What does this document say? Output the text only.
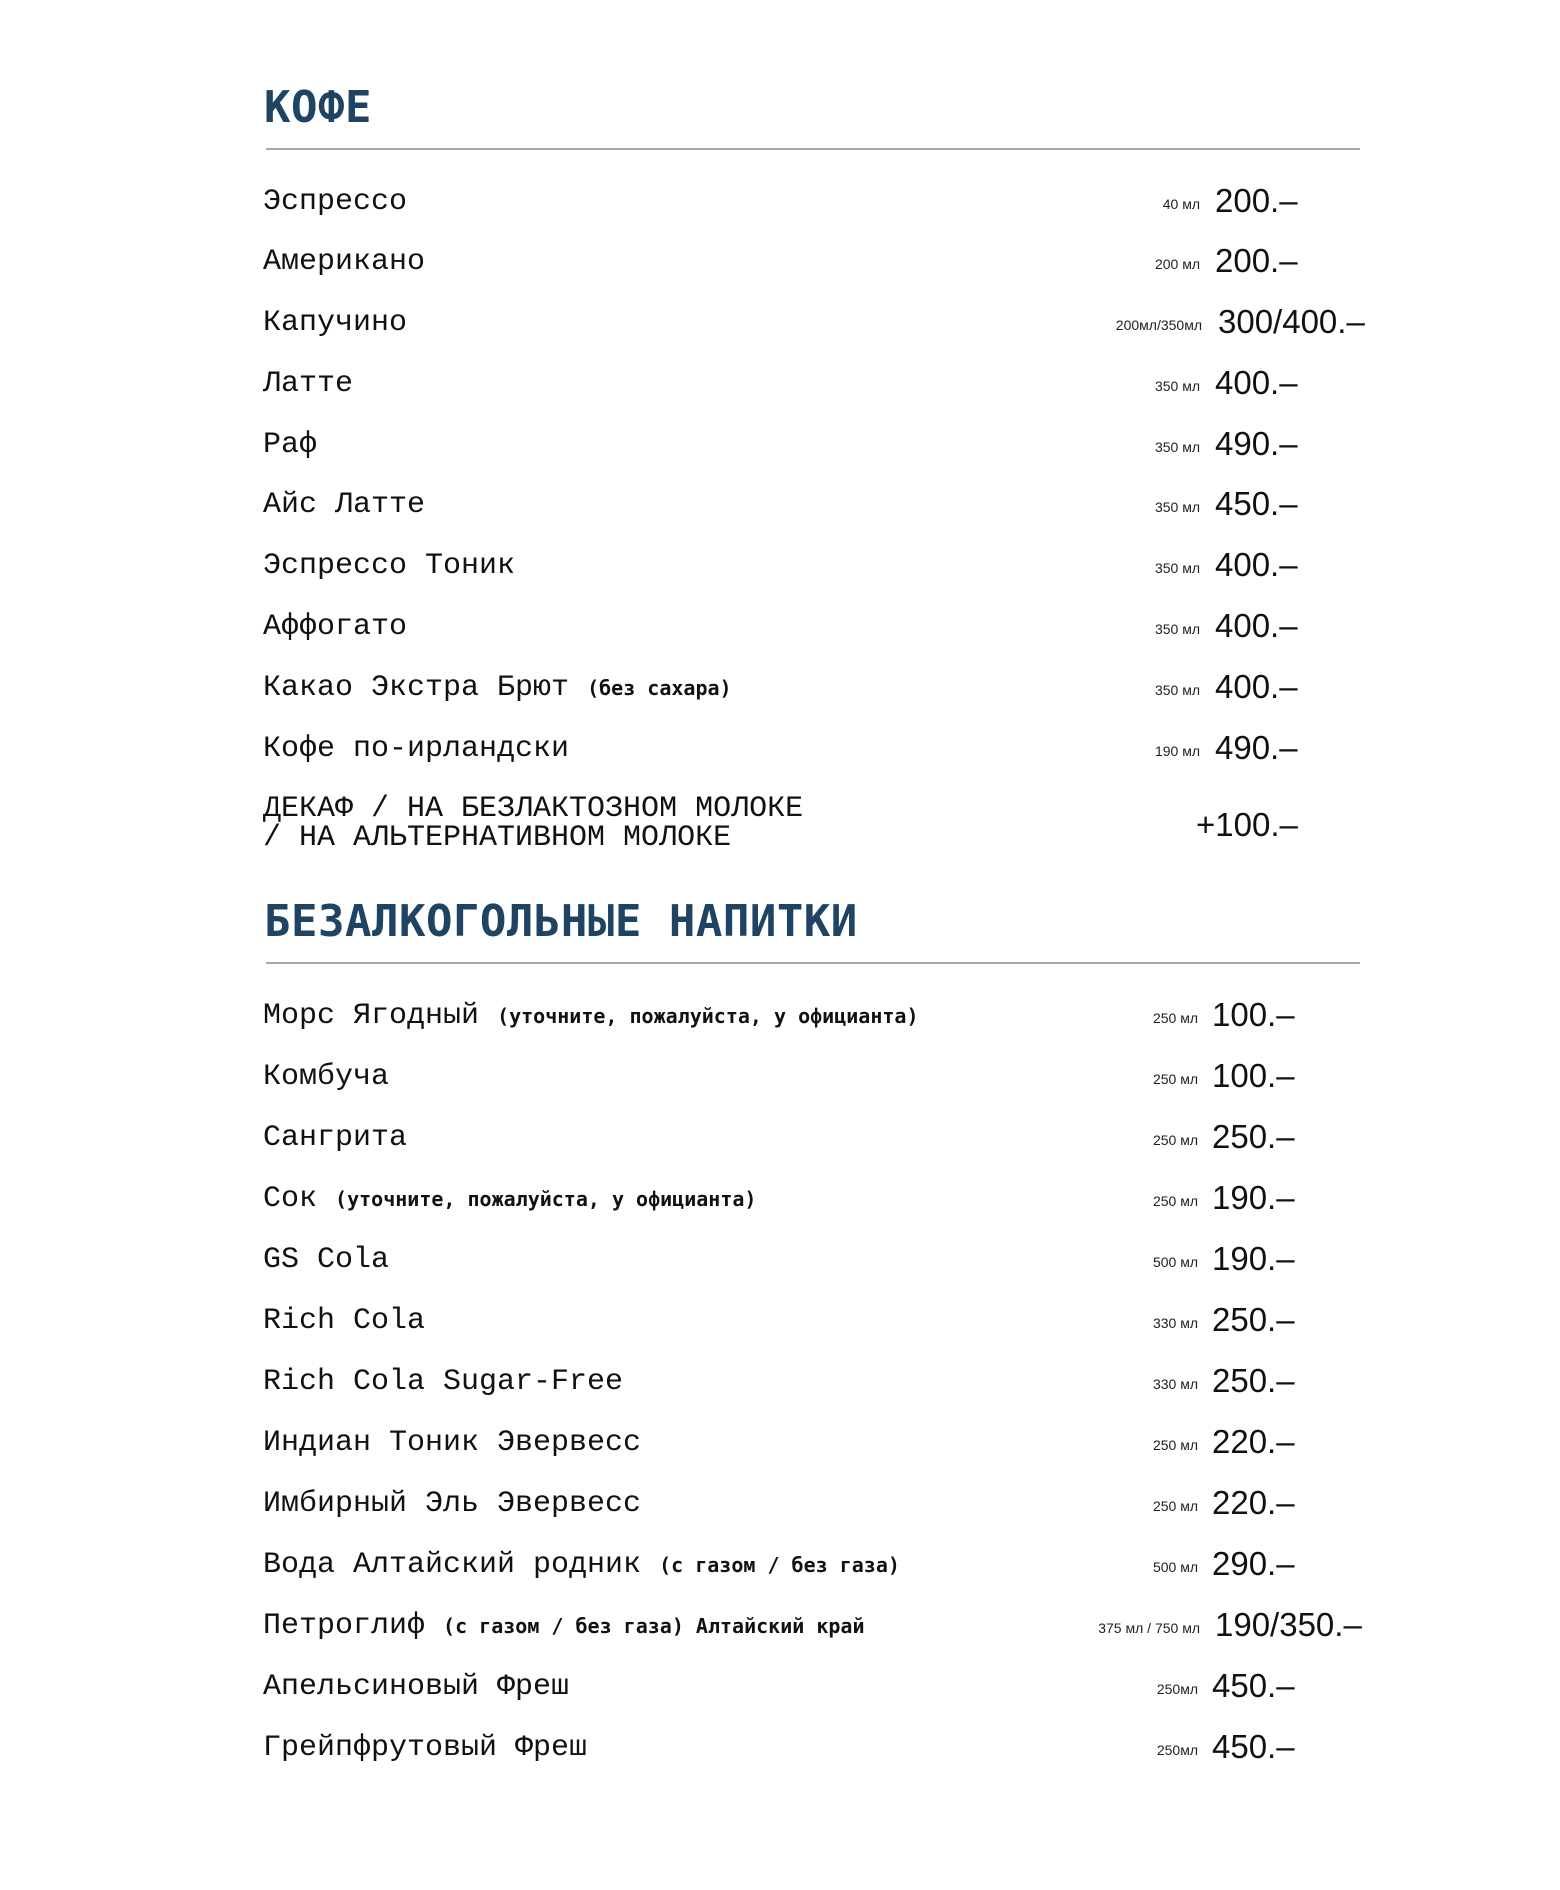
КОФЕ
Эспрессо	40 мл 200.–
Американо	200 мл 200.–
Капучино	200мл/350мл 300/400.–
Латте	350 мл 400.–
Раф	350 мл 490.–
Айс Латте	350 мл 450.–
Эспрессо Тоник	350 мл 400.–
Аффогато	350 мл 400.–
Какао Экстра Брют (без сахара)	350 мл 400.–
Кофе по-ирландски	190 мл 490.–
ДЕКАФ / НА БЕЗЛАКТОЗНОМ МОЛОКЕ
/ НА АЛЬТЕРНАТИВНОМ МОЛОКЕ	+100.–
БЕЗАЛКОГОЛЬНЫЕ НАПИТКИ
Морс Ягодный (уточните, пожалуйста, у официанта)	250 мл 100.–
Комбуча	250 мл 100.–
Сангрита	250 мл 250.–
Сок (уточните, пожалуйста, у официанта)	250 мл 190.–
GS Cola	500 мл 190.–
Rich Cola	330 мл 250.–
Rich Cola Sugar-Free	330 мл 250.–
Индиан Тоник Эвервесс	250 мл 220.–
Имбирный Эль Эвервесс	250 мл 220.–
Вода Алтайский родник (с газом / без газа)	500 мл 290.–
Петроглиф (с газом / без газа) Алтайский край	375 мл / 750 мл 190/350.–
Апельсиновый Фреш	250мл 450.–
Грейпфрутовый Фреш	250мл 450.–
